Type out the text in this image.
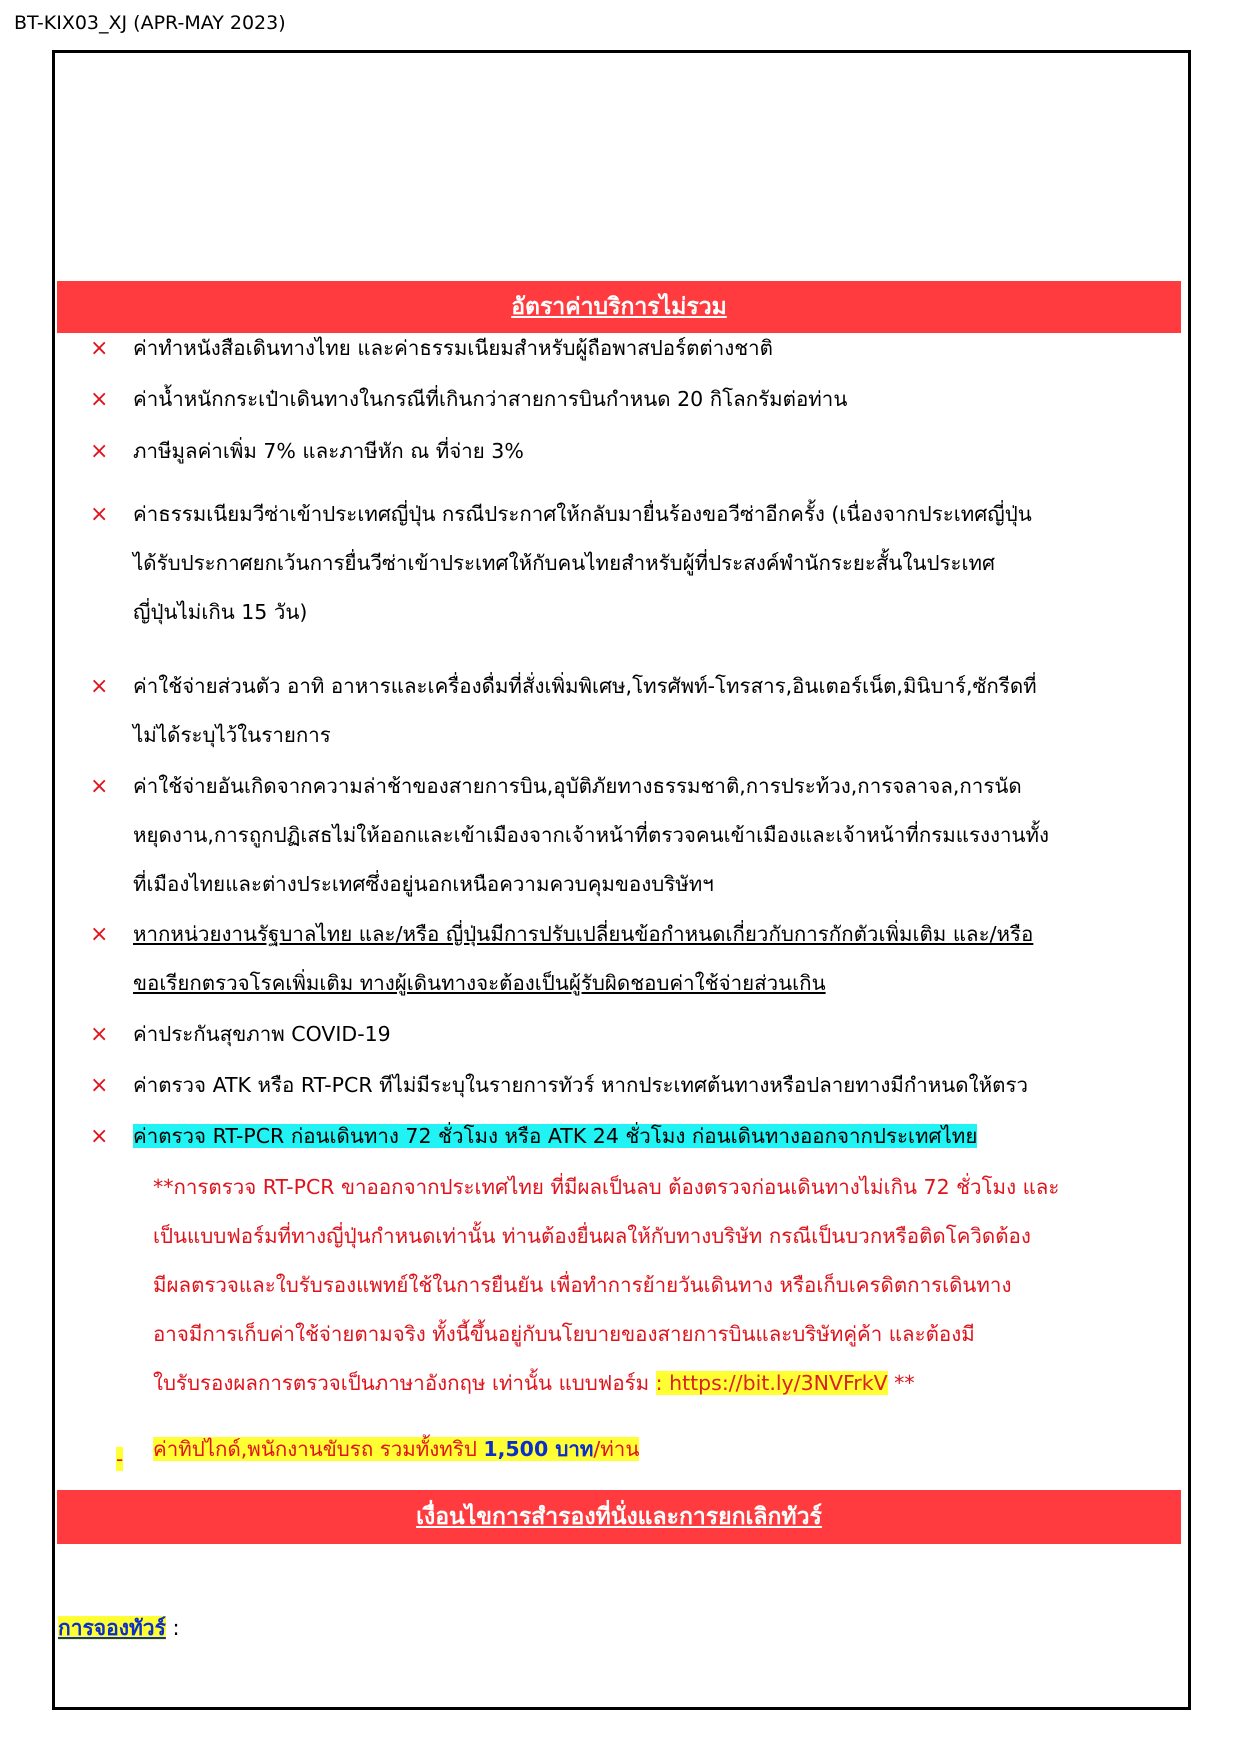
BT-KIX03_XJ (APR-MAY 2023)
อัตราค่าบริการไม่รวม
×	ค่าทำหนังสือเดินทางไทย และค่าธรรมเนียมสำหรับผู้ถือพาสปอร์ตต่างชาติ
×	ค่าน้ำหนักกระเป๋าเดินทางในกรณีที่เกินกว่าสายการบินกำหนด 20 กิโลกรัมต่อท่าน
×	ภาษีมูลค่าเพิ่ม 7% และภาษีหัก ณ ที่จ่าย 3%
×	ค่าธรรมเนียมวีซ่าเข้าประเทศญี่ปุ่น กรณีประกาศให้กลับมายื่นร้องขอวีซ่าอีกครั้ง (เนื่องจากประเทศญี่ปุ่น
ได้รับประกาศยกเว้นการยื่นวีซ่าเข้าประเทศให้กับคนไทยสำหรับผู้ที่ประสงค์พำนักระยะสั้นในประเทศ
ญี่ปุ่นไม่เกิน 15 วัน)
×	ค่าใช้จ่ายส่วนตัว อาทิ อาหารและเครื่องดื่มที่สั่งเพิ่มพิเศษ,โทรศัพท์-โทรสาร,อินเตอร์เน็ต,มินิบาร์,ซักรีดที่
ไม่ได้ระบุไว้ในรายการ
×	ค่าใช้จ่ายอันเกิดจากความล่าช้าของสายการบิน,อุบัติภัยทางธรรมชาติ,การประท้วง,การจลาจล,การนัด
หยุดงาน,การถูกปฏิเสธไม่ให้ออกและเข้าเมืองจากเจ้าหน้าที่ตรวจคนเข้าเมืองและเจ้าหน้าที่กรมแรงงานทั้ง
ที่เมืองไทยและต่างประเทศซึ่งอยู่นอกเหนือความควบคุมของบริษัทฯ
×	หากหน่วยงานรัฐบาลไทย และ/หรือ ญี่ปุ่นมีการปรับเปลี่ยนข้อกำหนดเกี่ยวกับการกักตัวเพิ่มเติม และ/หรือ
ขอเรียกตรวจโรคเพิ่มเติม ทางผู้เดินทางจะต้องเป็นผู้รับผิดชอบค่าใช้จ่ายส่วนเกิน
×	ค่าประกันสุขภาพ COVID-19
×	ค่าตรวจ ATK หรือ RT-PCR ทีไม่มีระบุในรายการทัวร์ หากประเทศต้นทางหรือปลายทางมีกำหนดให้ตรว
×	ค่าตรวจ RT-PCR ก่อนเดินทาง 72 ชั่วโมง หรือ ATK 24 ชั่วโมง ก่อนเดินทางออกจากประเทศไทย
**การตรวจ RT-PCR ขาออกจากประเทศไทย ที่มีผลเป็นลบ ต้องตรวจก่อนเดินทางไม่เกิน 72 ชั่วโมง และ
เป็นแบบฟอร์มที่ทางญี่ปุ่นกำหนดเท่านั้น ท่านต้องยื่นผลให้กับทางบริษัท กรณีเป็นบวกหรือติดโควิดต้อง
มีผลตรวจและใบรับรองแพทย์ใช้ในการยืนยัน เพื่อทำการย้ายวันเดินทาง หรือเก็บเครดิตการเดินทาง
อาจมีการเก็บค่าใช้จ่ายตามจริง ทั้งนี้ขึ้นอยู่กับนโยบายของสายการบินและบริษัทคู่ค้า และต้องมี
ใบรับรองผลการตรวจเป็นภาษาอังกฤษ เท่านั้น แบบฟอร์ม : https://bit.ly/3NVFrkV **
- ค่าทิปไกด์,พนักงานขับรถ รวมทั้งทริป 1,500 บาท/ท่าน
เงื่อนไขการสำรองที่นั่งและการยกเลิกทัวร์
การจองทัวร์ :
